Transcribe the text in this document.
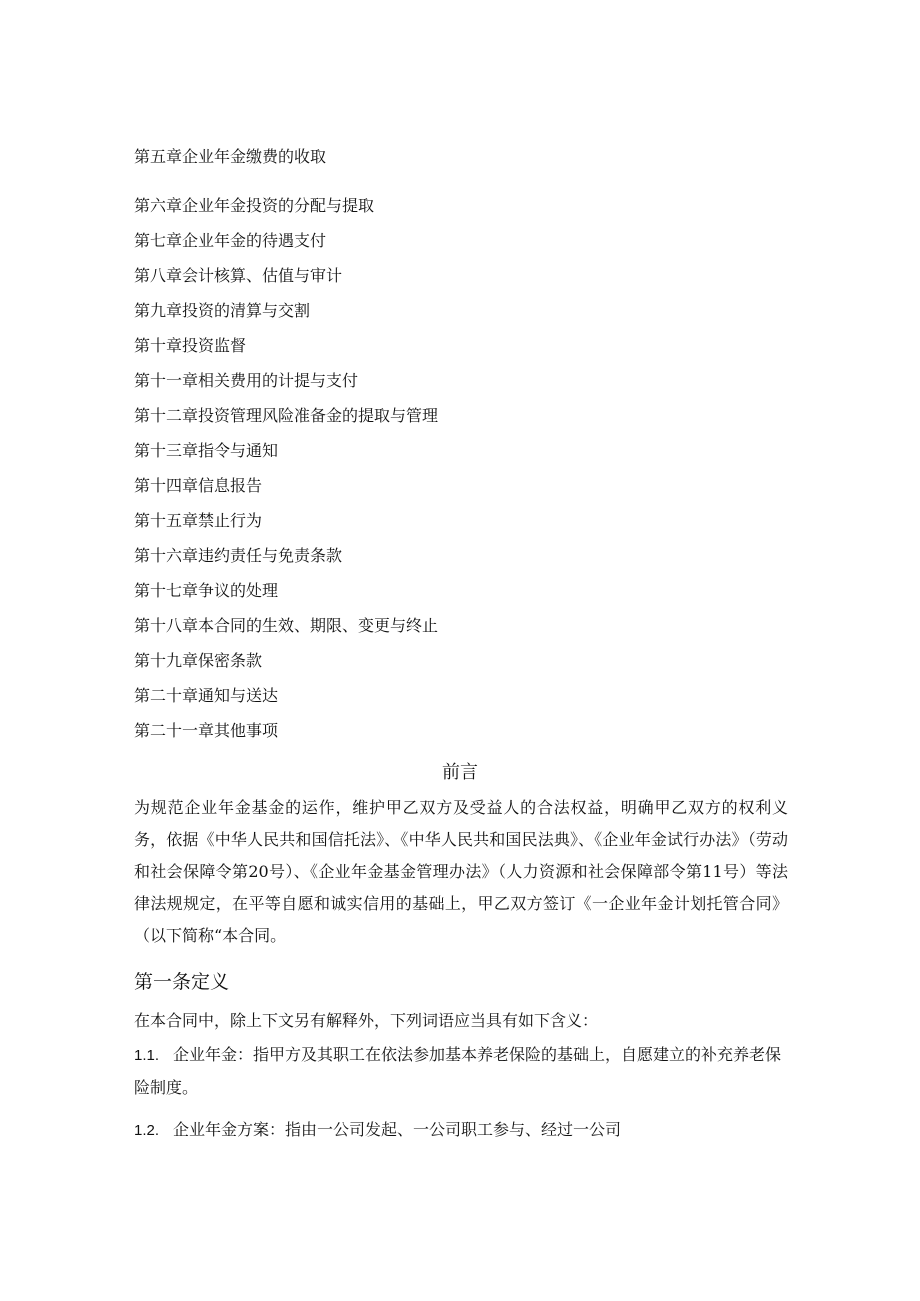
第五章企业年金缴费的收取
第六章企业年金投资的分配与提取
第七章企业年金的待遇支付
第八章会计核算、估值与审计
第九章投资的清算与交割
第十章投资监督
第十一章相关费用的计提与支付
第十二章投资管理风险准备金的提取与管理
第十三章指令与通知
第十四章信息报告
第十五章禁止行为
第十六章违约责任与免责条款
第十七章争议的处理
第十八章本合同的生效、期限、变更与终止
第十九章保密条款
第二十章通知与送达
第二十一章其他事项
前言
为规范企业年金基金的运作，维护甲乙双方及受益人的合法权益，明确甲乙双方的权利义务，依据《中华人民共和国信托法》、《中华人民共和国民法典》、《企业年金试行办法》（劳动和社会保障令第20号）、《企业年金基金管理办法》（人力资源和社会保障部令第11号）等法律法规规定，在平等自愿和诚实信用的基础上，甲乙双方签订《一企业年金计划托管合同》（以下简称“本合同。
第一条定义
在本合同中，除上下文另有解释外，下列词语应当具有如下含义：
1.1. 企业年金：指甲方及其职工在依法参加基本养老保险的基础上，自愿建立的补充养老保险制度。
1.2. 企业年金方案：指由一公司发起、一公司职工参与、经过一公司
